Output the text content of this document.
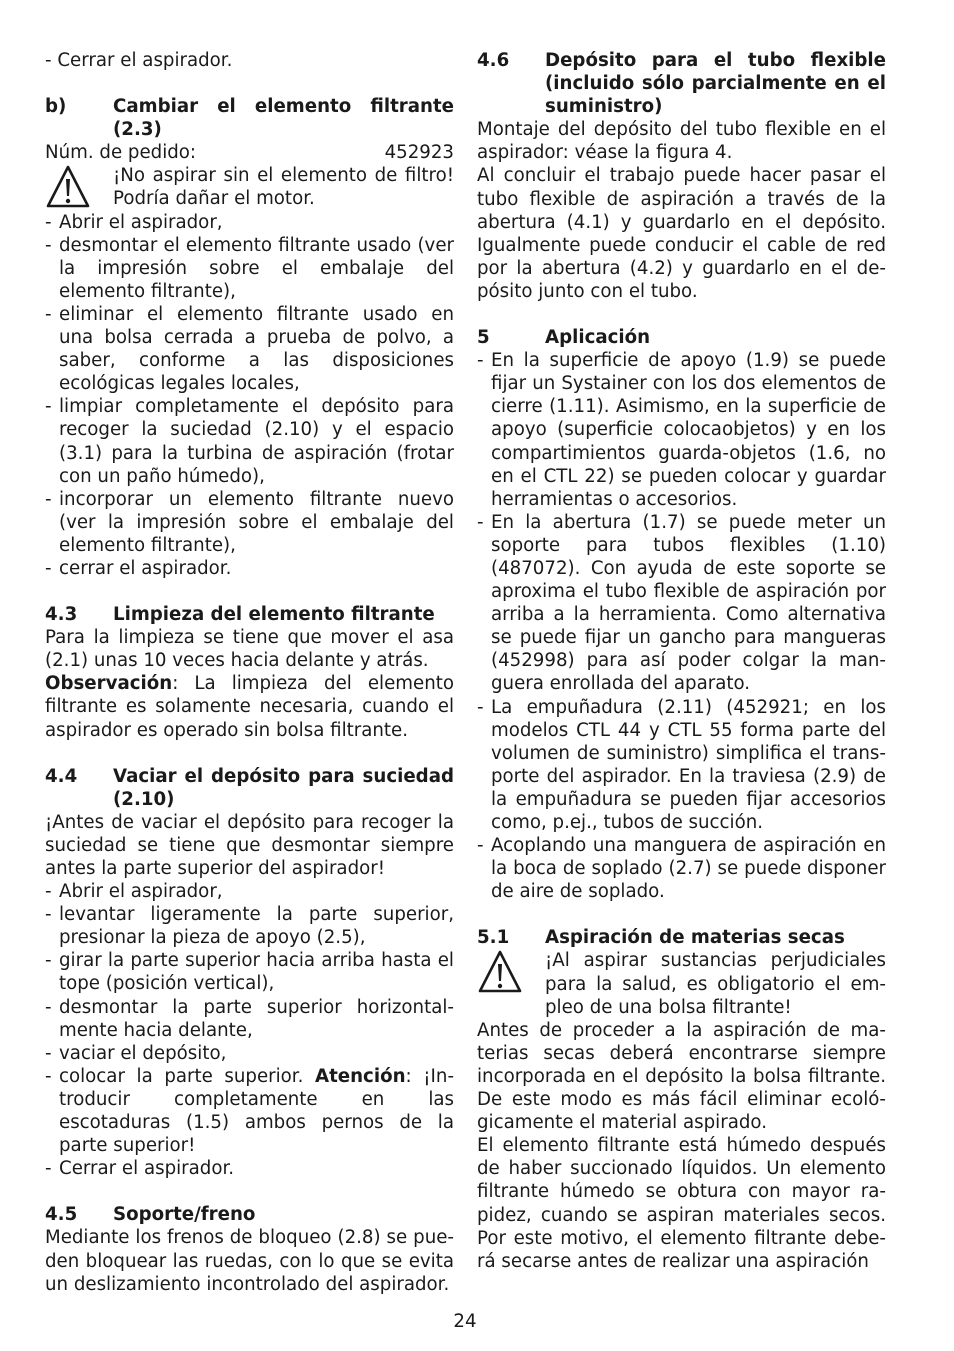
- Cerrar el aspirador.
b)	Cambiar el elemento filtrante (2.3)
Núm. de pedido:	452923
¡No aspirar sin el elemento de filtro! Podría dañar el motor.
- Abrir el aspirador,
- desmontar el elemento filtrante usado (ver la impresión sobre el embalaje del elemento filtrante),
- eliminar el elemento filtrante usado en una bolsa cerrada a prueba de polvo, a saber, conforme a las disposiciones ecológicas legales locales,
- limpiar completamente el depósito para recoger la suciedad (2.10) y el espacio (3.1) para la turbina de aspiración (frotar con un paño húmedo),
- incorporar un elemento filtrante nuevo (ver la impresión sobre el embalaje del elemento filtrante),
- cerrar el aspirador.
4.3	Limpieza del elemento filtrante
Para la limpieza se tiene que mover el asa (2.1) unas 10 veces hacia delante y atrás.
Observación: La limpieza del elemento filtrante es solamente necesaria, cuando el aspirador es operado sin bolsa filtrante.
4.4	Vaciar el depósito para suciedad (2.10)
¡Antes de vaciar el depósito para recoger la suciedad se tiene que desmontar siempre antes la parte superior del aspirador!
- Abrir el aspirador,
- levantar ligeramente la parte superior, presionar la pieza de apoyo (2.5),
- girar la parte superior hacia arriba hasta el tope (posición vertical),
- desmontar la parte superior horizontalmente hacia delante,
- vaciar el depósito,
- colocar la parte superior. Atención: ¡Introducir completamente en las escotaduras (1.5) ambos pernos de la parte superior!
- Cerrar el aspirador.
4.5	Soporte/freno
Mediante los frenos de bloqueo (2.8) se pueden bloquear las ruedas, con lo que se evita un deslizamiento incontrolado del aspirador.
4.6	Depósito para el tubo flexible (incluido sólo parcialmente en el suministro)
Montaje del depósito del tubo flexible en el aspirador: véase la figura 4.
Al concluir el trabajo puede hacer pasar el tubo flexible de aspiración a través de la abertura (4.1) y guardarlo en el depósito. Igualmente puede conducir el cable de red por la abertura (4.2) y guardarlo en el depósito junto con el tubo.
5	Aplicación
- En la superficie de apoyo (1.9) se puede fijar un Systainer con los dos elementos de cierre (1.11). Asimismo, en la superficie de apoyo (superficie colocaobjetos) y en los compartimientos guarda-objetos (1.6, no en el CTL 22) se pueden colocar y guardar herramientas o accesorios.
- En la abertura (1.7) se puede meter un soporte para tubos flexibles (1.10) (487072). Con ayuda de este soporte se aproxima el tubo flexible de aspiración por arriba a la herramienta. Como alternativa se puede fijar un gancho para mangueras (452998) para así poder colgar la manguera enrollada del aparato.
- La empuñadura (2.11) (452921; en los modelos CTL 44 y CTL 55 forma parte del volumen de suministro) simplifica el transporte del aspirador. En la traviesa (2.9) de la empuñadura se pueden fijar accesorios como, p.ej., tubos de succión.
- Acoplando una manguera de aspiración en la boca de soplado (2.7) se puede disponer de aire de soplado.
5.1	Aspiración de materias secas
¡Al aspirar sustancias perjudiciales para la salud, es obligatorio el empleo de una bolsa filtrante!
Antes de proceder a la aspiración de materias secas deberá encontrarse siempre incorporada en el depósito la bolsa filtrante. De este modo es más fácil eliminar ecológicamente el material aspirado.
El elemento filtrante está húmedo después de haber succionado líquidos. Un elemento filtrante húmedo se obtura con mayor rapidez, cuando se aspiran materiales secos. Por este motivo, el elemento filtrante deberá secarse antes de realizar una aspiración
24
